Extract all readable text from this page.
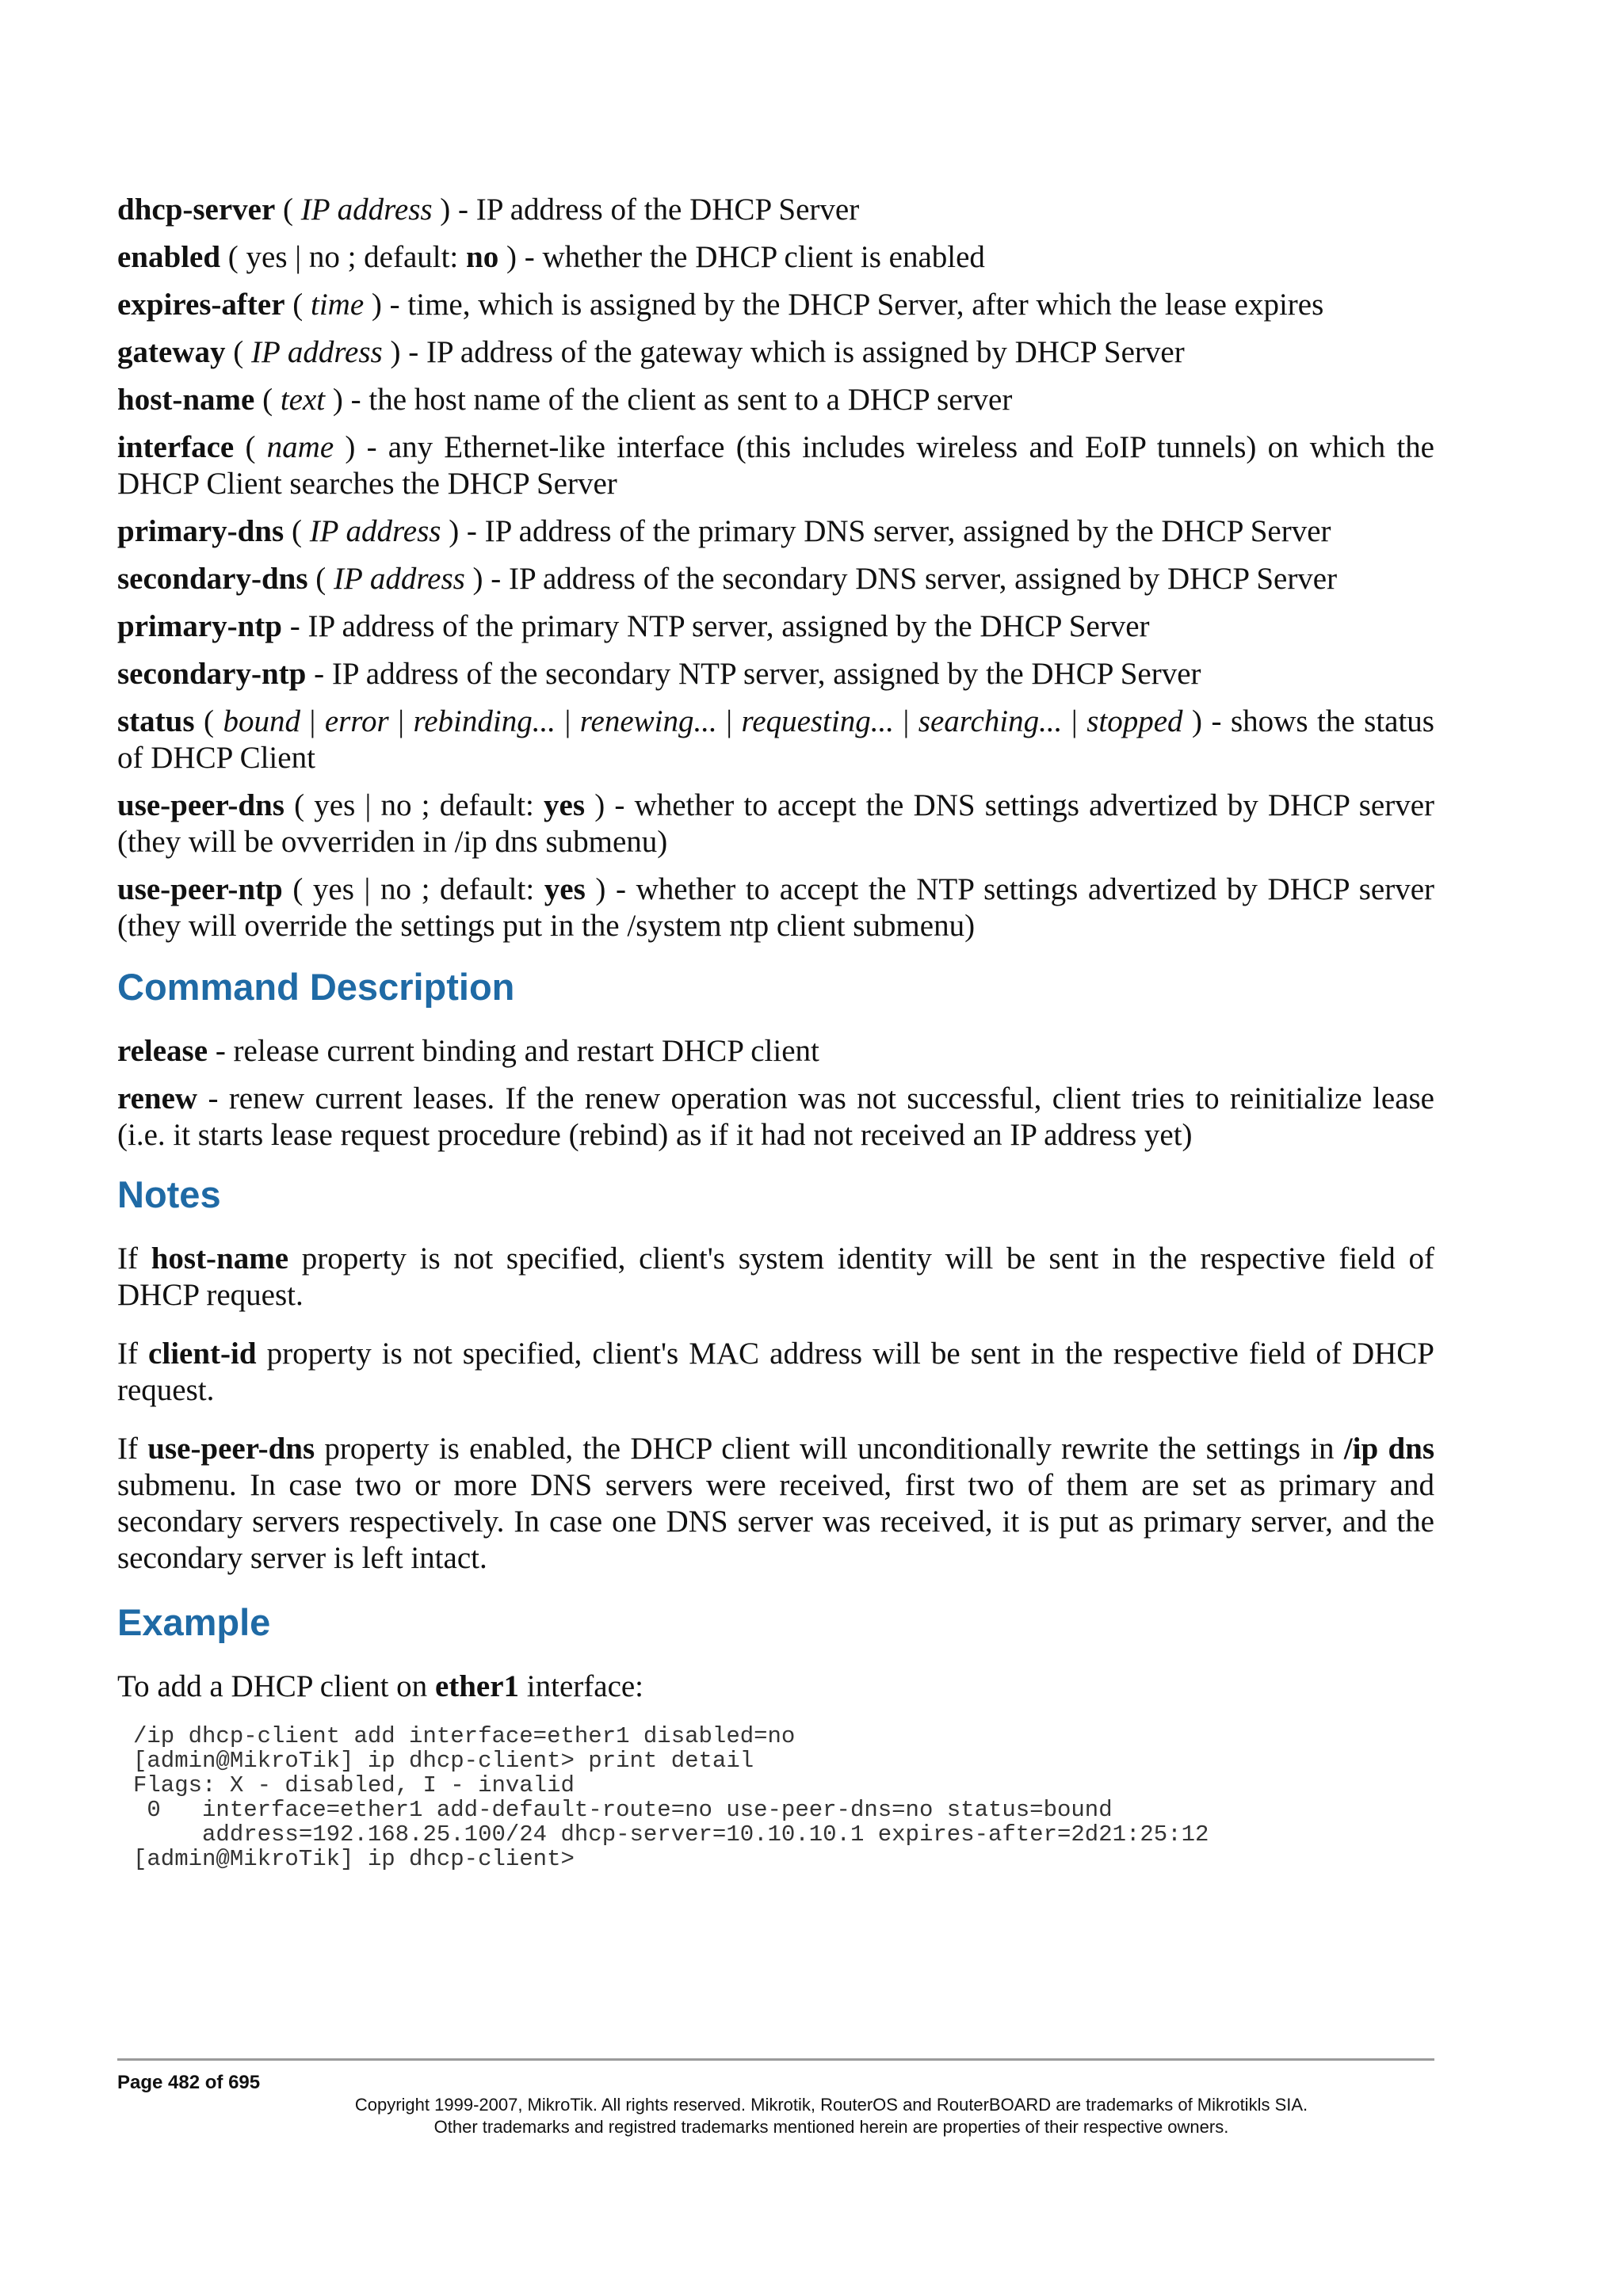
dhcp-server ( IP address ) - IP address of the DHCP Server

enabled ( yes | no ; default: no ) - whether the DHCP client is enabled

expires-after ( time ) - time, which is assigned by the DHCP Server, after which the lease expires

gateway ( IP address ) - IP address of the gateway which is assigned by DHCP Server

host-name ( text ) - the host name of the client as sent to a DHCP server

interface ( name ) - any Ethernet-like interface (this includes wireless and EoIP tunnels) on which the DHCP Client searches the DHCP Server

primary-dns ( IP address ) - IP address of the primary DNS server, assigned by the DHCP Server

secondary-dns ( IP address ) - IP address of the secondary DNS server, assigned by DHCP Server

primary-ntp - IP address of the primary NTP server, assigned by the DHCP Server

secondary-ntp - IP address of the secondary NTP server, assigned by the DHCP Server

status ( bound | error | rebinding... | renewing... | requesting... | searching... | stopped ) - shows the status of DHCP Client

use-peer-dns ( yes | no ; default: yes ) - whether to accept the DNS settings advertized by DHCP server (they will be ovverriden in /ip dns submenu)

use-peer-ntp ( yes | no ; default: yes ) - whether to accept the NTP settings advertized by DHCP server (they will override the settings put in the /system ntp client submenu)

Command Description

release - release current binding and restart DHCP client

renew - renew current leases. If the renew operation was not successful, client tries to reinitialize lease (i.e. it starts lease request procedure (rebind) as if it had not received an IP address yet)

Notes

If host-name property is not specified, client's system identity will be sent in the respective field of DHCP request.

If client-id property is not specified, client's MAC address will be sent in the respective field of DHCP request.

If use-peer-dns property is enabled, the DHCP client will unconditionally rewrite the settings in /ip dns submenu. In case two or more DNS servers were received, first two of them are set as primary and secondary servers respectively. In case one DNS server was received, it is put as primary server, and the secondary server is left intact.

Example
To add a DHCP client on ether1 interface:
/ip dhcp-client add interface=ether1 disabled=no
[admin@MikroTik] ip dhcp-client> print detail
Flags: X - disabled, I - invalid
0   interface=ether1 add-default-route=no use-peer-dns=no status=bound
address=192.168.25.100/24 dhcp-server=10.10.10.1 expires-after=2d21:25:12
[admin@MikroTik] ip dhcp-client>
Page 482 of 695
Copyright 1999-2007, MikroTik. All rights reserved. Mikrotik, RouterOS and RouterBOARD are trademarks of Mikrotikls SIA.
Other trademarks and registred trademarks mentioned herein are properties of their respective owners.
